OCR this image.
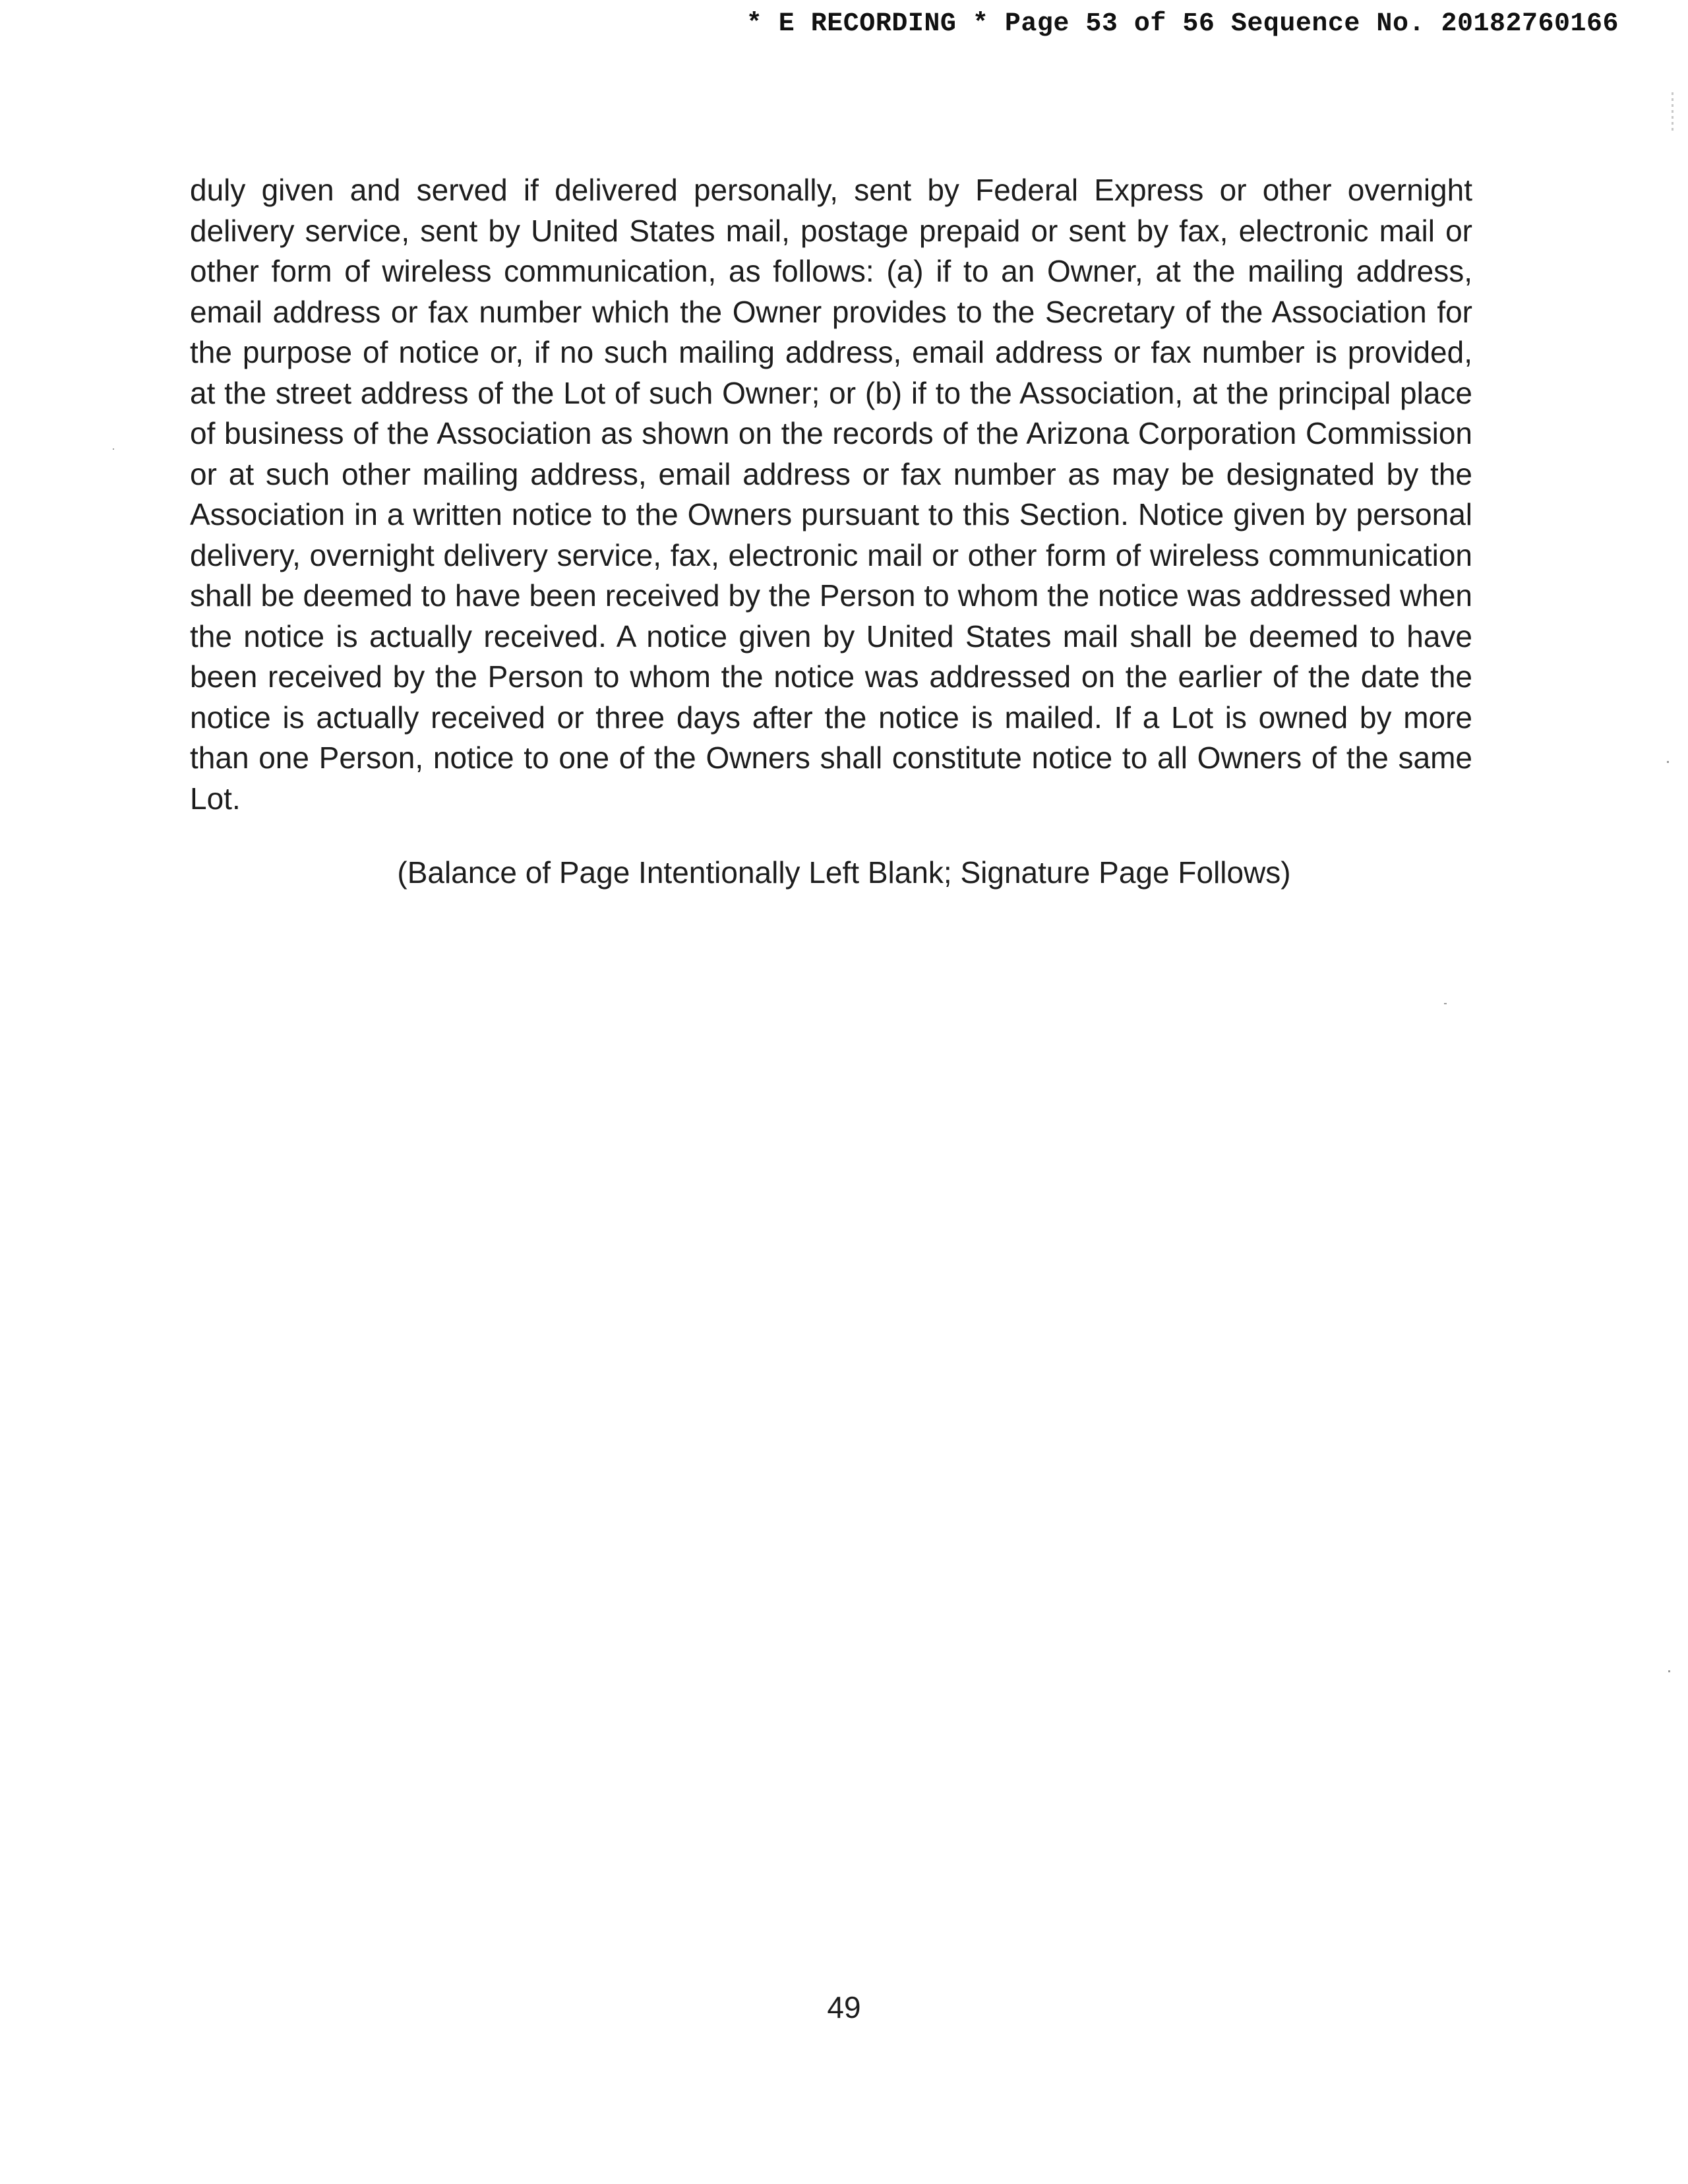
* E RECORDING * Page 53 of 56 Sequence No. 20182760166

duly given and served if delivered personally, sent by Federal Express or other overnight delivery service, sent by United States mail, postage prepaid or sent by fax, electronic mail or other form of wireless communication, as follows: (a) if to an Owner, at the mailing address, email address or fax number which the Owner provides to the Secretary of the Association for the purpose of notice or, if no such mailing address, email address or fax number is provided, at the street address of the Lot of such Owner; or (b) if to the Association, at the principal place of business of the Association as shown on the records of the Arizona Corporation Commission or at such other mailing address, email address or fax number as may be designated by the Association in a written notice to the Owners pursuant to this Section. Notice given by personal delivery, overnight delivery service, fax, electronic mail or other form of wireless communication shall be deemed to have been received by the Person to whom the notice was addressed when the notice is actually received. A notice given by United States mail shall be deemed to have been received by the Person to whom the notice was addressed on the earlier of the date the notice is actually received or three days after the notice is mailed. If a Lot is owned by more than one Person, notice to one of the Owners shall constitute notice to all Owners of the same Lot.

(Balance of Page Intentionally Left Blank; Signature Page Follows)

49
